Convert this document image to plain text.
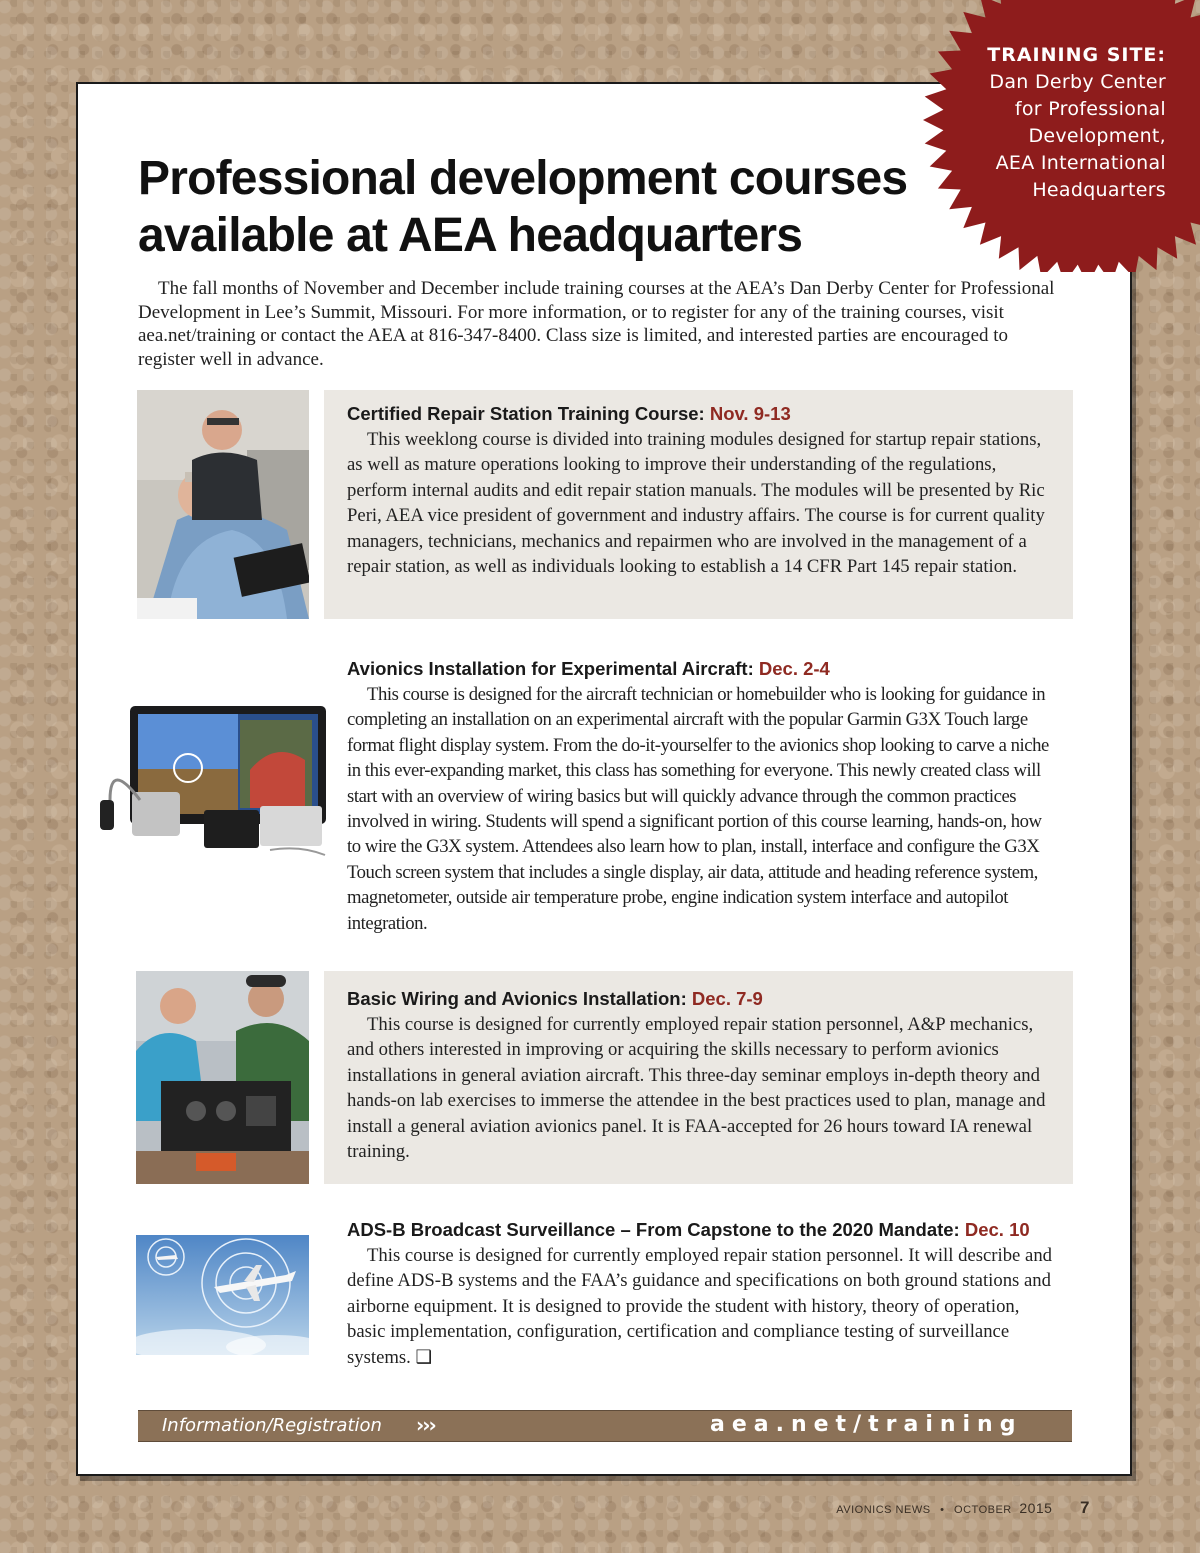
TRAINING SITE:
Dan Derby Center
for Professional
Development,
AEA International
Headquarters
Professional development courses
available at AEA headquarters

The fall months of November and December include training courses at the AEA’s Dan Derby Center for Professional Development in Lee’s Summit, Missouri. For more information, or to register for any of the training courses, visit aea.net/training or contact the AEA at 816-347-8400. Class size is limited, and interested parties are encouraged to register well in advance.

Certified Repair Station Training Course: Nov. 9-13

This weeklong course is divided into training modules designed for startup repair stations, as well as mature operations looking to improve their understanding of the regulations, perform internal audits and edit repair station manuals. The modules will be presented by Ric Peri, AEA vice president of government and industry affairs. The course is for current quality managers, technicians, mechanics and repairmen who are involved in the management of a repair station, as well as individuals looking to establish a 14 CFR Part 145 repair station.

Avionics Installation for Experimental Aircraft: Dec. 2-4

This course is designed for the aircraft technician or homebuilder who is looking for guidance in completing an installation on an experimental aircraft with the popular Garmin G3X Touch large format flight display system. From the do-it-yourselfer to the avionics shop looking to carve a niche in this ever-expanding market, this class has something for everyone. This newly created class will start with an overview of wiring basics but will quickly advance through the common practices involved in wiring. Students will spend a significant portion of this course learning, hands-on, how to wire the G3X system. Attendees also learn how to plan, install, interface and configure the G3X Touch screen system that includes a single display, air data, attitude and heading reference system, magnetometer, outside air temperature probe, engine indication system interface and autopilot integration.

Basic Wiring and Avionics Installation: Dec. 7-9

This course is designed for currently employed repair station personnel, A&P mechanics, and others interested in improving or acquiring the skills necessary to perform avionics installations in general aviation aircraft. This three-day seminar employs in-depth theory and hands-on lab exercises to immerse the attendee in the best practices used to plan, manage and install a general aviation avionics panel. It is FAA-accepted for 26 hours toward IA renewal training.

ADS-B Broadcast Surveillance – From Capstone to the 2020 Mandate: Dec. 10

This course is designed for currently employed repair station personnel. It will describe and define ADS-B systems and the FAA’s guidance and specifications on both ground stations and airborne equipment. It is designed to provide the student with history, theory of operation, basic implementation, configuration, certification and compliance testing of surveillance systems. ❑

Information/Registration ›››	aea.net/training
AVIONICS NEWS • OCTOBER 2015 7
